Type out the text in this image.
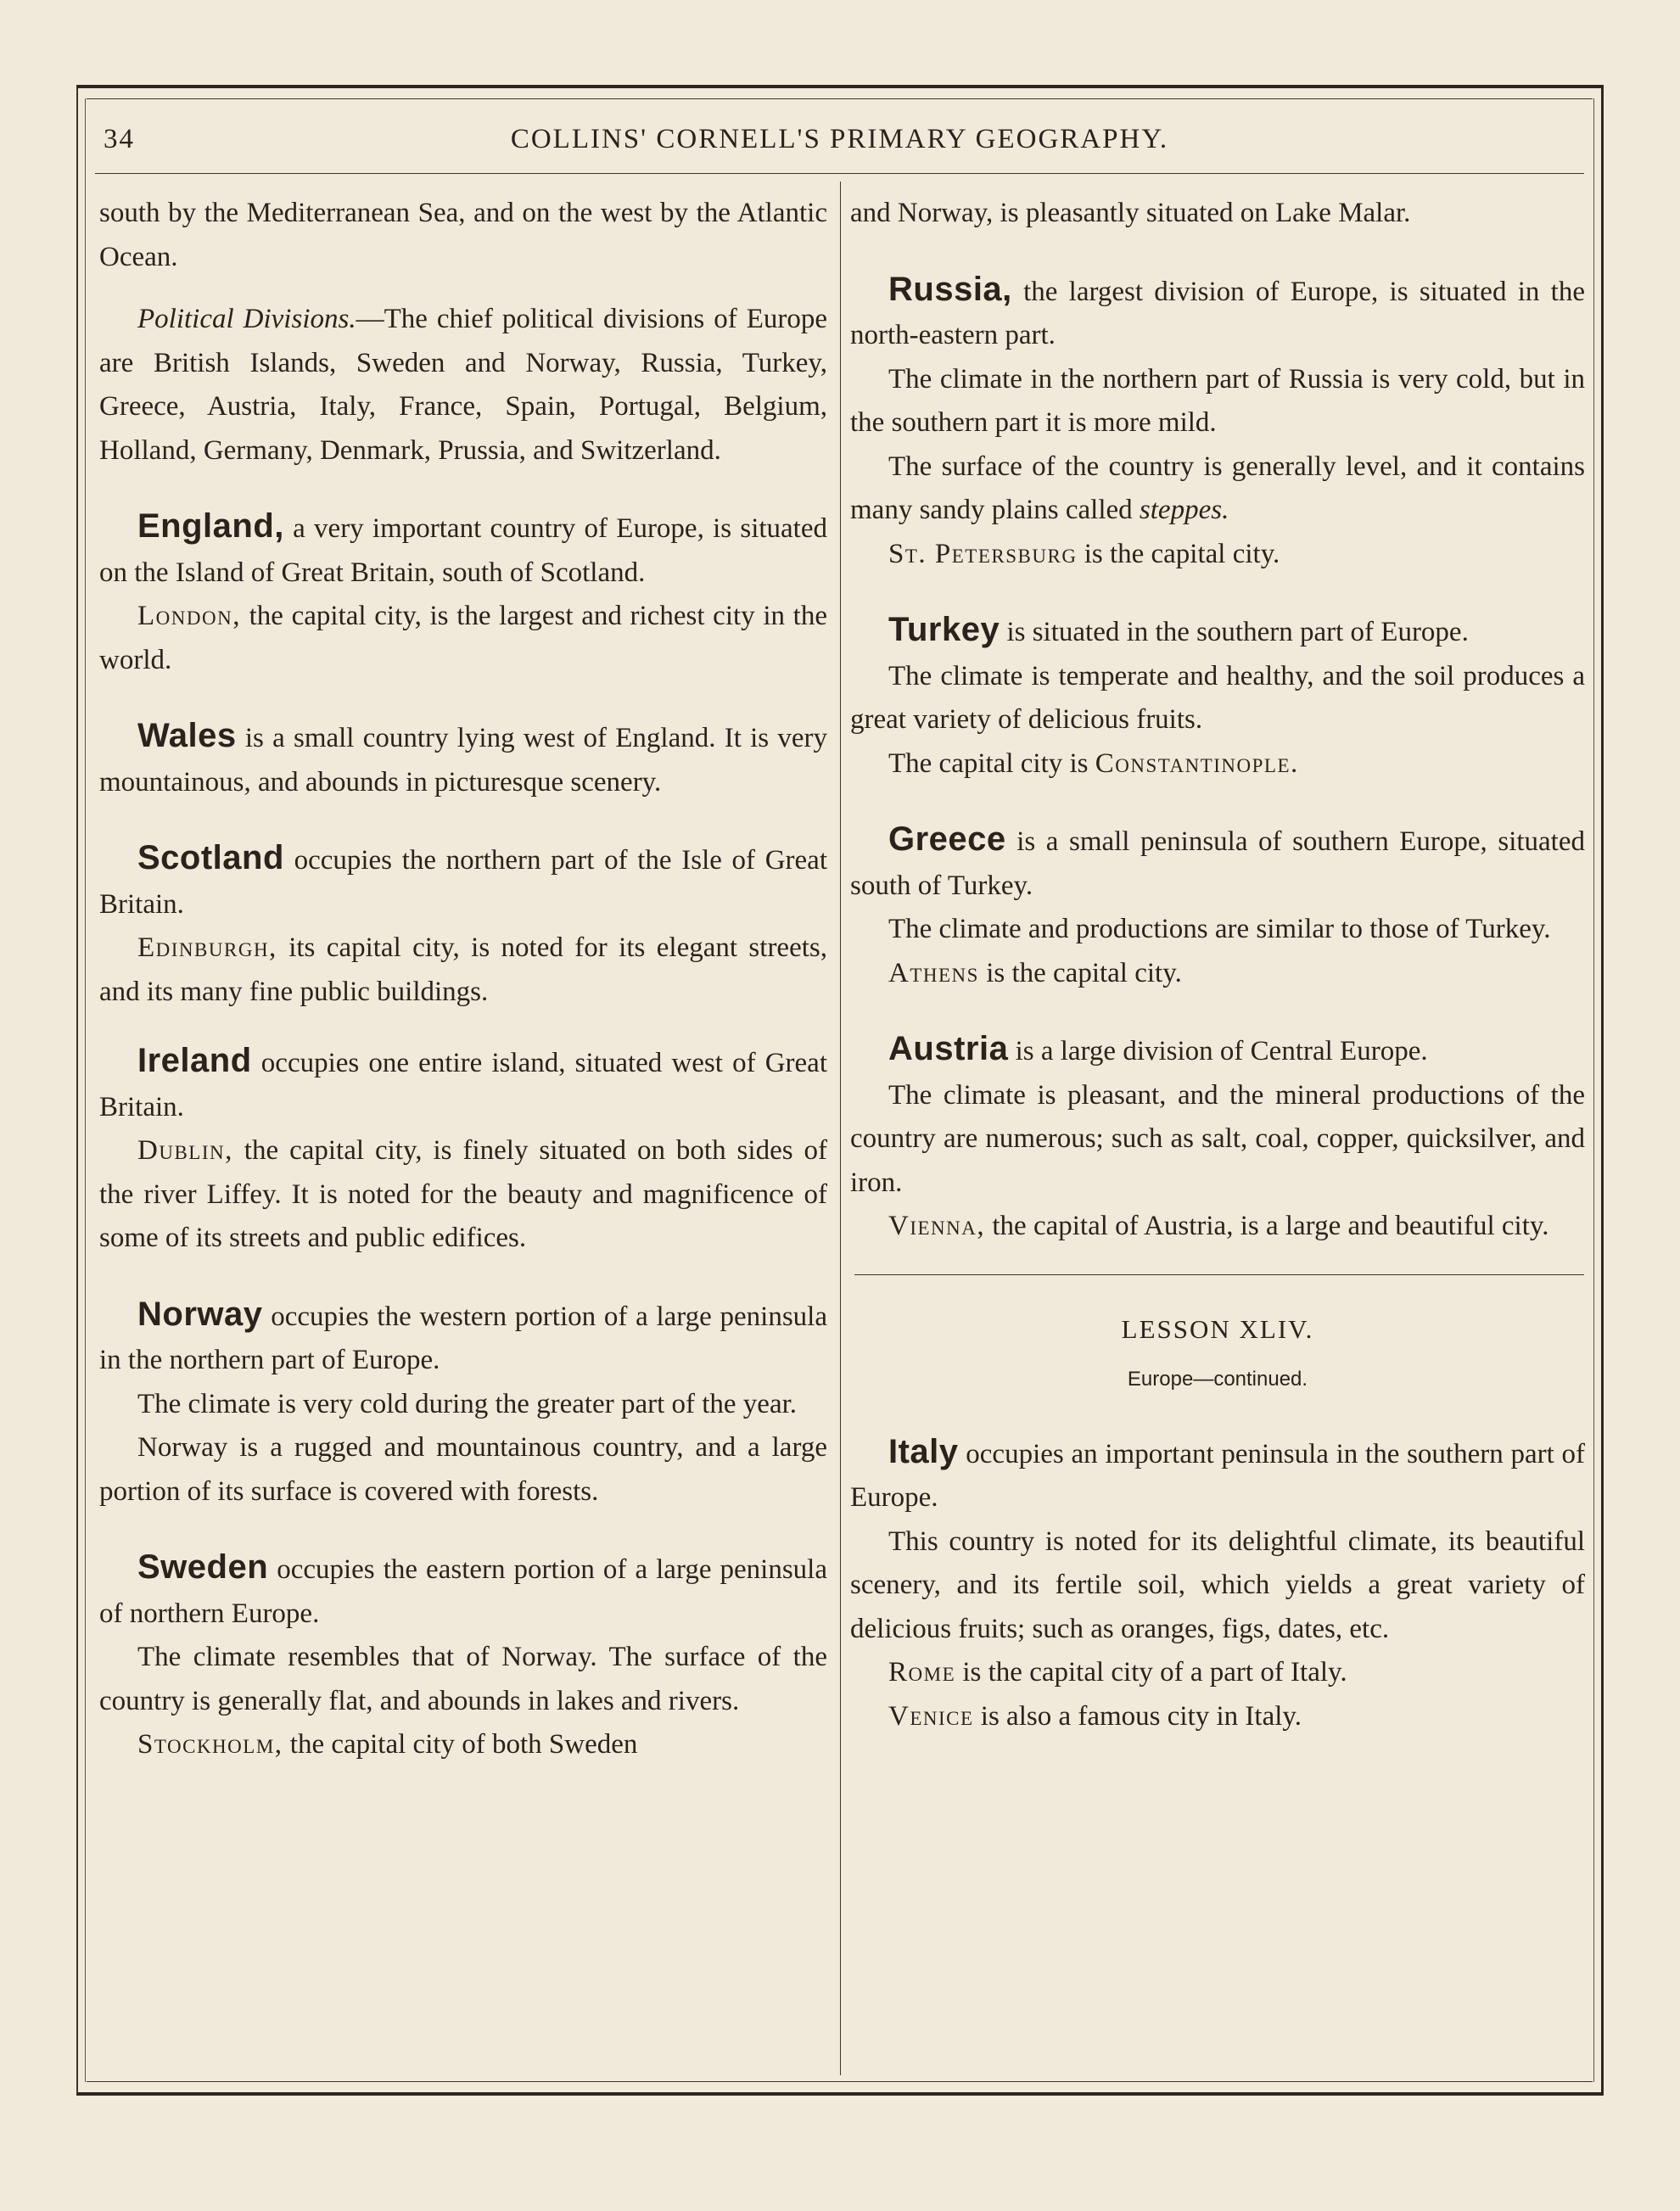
34	COLLINS' CORNELL'S PRIMARY GEOGRAPHY.

south by the Mediterranean Sea, and on the west by the Atlantic Ocean.

Political Divisions.—The chief political divisions of Europe are British Islands, Sweden and Norway, Russia, Turkey, Greece, Austria, Italy, France, Spain, Portugal, Belgium, Holland, Germany, Denmark, Prussia, and Switzerland.

England, a very important country of Europe, is situated on the Island of Great Britain, south of Scotland.

London, the capital city, is the largest and richest city in the world.

Wales is a small country lying west of England. It is very mountainous, and abounds in picturesque scenery.

Scotland occupies the northern part of the Isle of Great Britain.

Edinburgh, its capital city, is noted for its elegant streets, and its many fine public buildings.

Ireland occupies one entire island, situated west of Great Britain.

Dublin, the capital city, is finely situated on both sides of the river Liffey. It is noted for the beauty and magnificence of some of its streets and public edifices.

Norway occupies the western portion of a large peninsula in the northern part of Europe.

The climate is very cold during the greater part of the year.

Norway is a rugged and mountainous country, and a large portion of its surface is covered with forests.

Sweden occupies the eastern portion of a large peninsula of northern Europe.

The climate resembles that of Norway. The surface of the country is generally flat, and abounds in lakes and rivers.

Stockholm, the capital city of both Sweden

and Norway, is pleasantly situated on Lake Malar.

Russia, the largest division of Europe, is situated in the north-eastern part.

The climate in the northern part of Russia is very cold, but in the southern part it is more mild.

The surface of the country is generally level, and it contains many sandy plains called steppes.

St. Petersburg is the capital city.

Turkey is situated in the southern part of Europe.

The climate is temperate and healthy, and the soil produces a great variety of delicious fruits.

The capital city is Constantinople.

Greece is a small peninsula of southern Europe, situated south of Turkey.

The climate and productions are similar to those of Turkey.

Athens is the capital city.

Austria is a large division of Central Europe.

The climate is pleasant, and the mineral productions of the country are numerous; such as salt, coal, copper, quicksilver, and iron.

Vienna, the capital of Austria, is a large and beautiful city.

LESSON XLIV.
Europe—continued.

Italy occupies an important peninsula in the southern part of Europe.

This country is noted for its delightful climate, its beautiful scenery, and its fertile soil, which yields a great variety of delicious fruits; such as oranges, figs, dates, etc.

Rome is the capital city of a part of Italy.

Venice is also a famous city in Italy.
